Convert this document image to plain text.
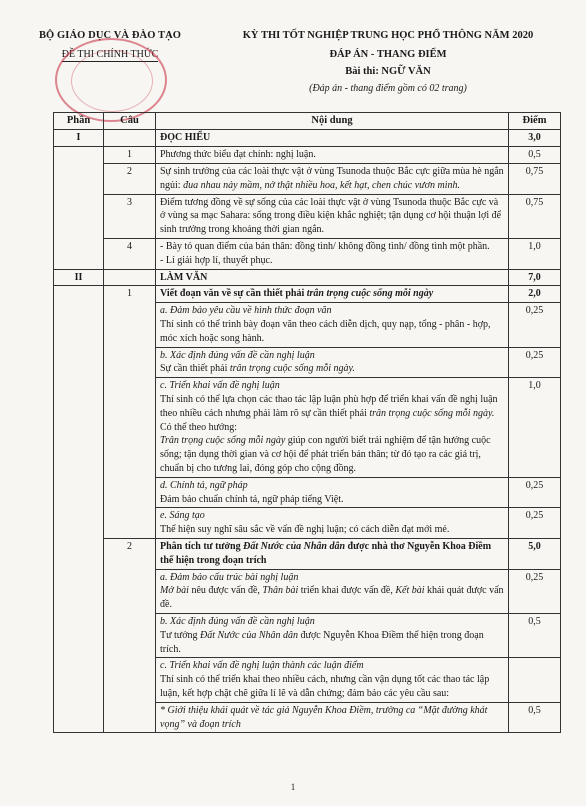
BỘ GIÁO DỤC VÀ ĐÀO TẠO
ĐỀ THI CHÍNH THỨC
KỲ THI TỐT NGHIỆP TRUNG HỌC PHỔ THÔNG NĂM 2020
ĐÁP ÁN - THANG ĐIỂM
Bài thi: NGỮ VĂN
(Đáp án - thang điểm gồm có 02 trang)
Phần	Câu	Nội dung	Điểm
I		ĐỌC HIỂU	3,0
	1	Phương thức biểu đạt chính: nghị luận.	0,5
	2	Sự sinh trưởng của các loài thực vật ở vùng Tsunoda thuộc Bắc cực giữa mùa hè ngắn ngủi: đua nhau nảy mầm, nở thật nhiều hoa, kết hạt, chen chúc vươn mình.	0,75
	3	Điểm tương đồng về sự sống của các loài thực vật ở vùng Tsunoda thuộc Bắc cực và ở vùng sa mạc Sahara: sống trong điều kiện khắc nghiệt; tận dụng cơ hội thuận lợi để sinh trưởng trong khoảng thời gian ngắn.	0,75
	4	- Bày tỏ quan điểm của bản thân: đồng tình/ không đồng tình/ đồng tình một phần.
- Lí giải hợp lí, thuyết phục.	1,0
II		LÀM VĂN	7,0
	1	Viết đoạn văn về sự cần thiết phải trân trọng cuộc sống mỗi ngày	2,0

		a. Đảm bảo yêu cầu về hình thức đoạn văn
Thí sinh có thể trình bày đoạn văn theo cách diễn dịch, quy nạp, tổng - phân - hợp, móc xích hoặc song hành.	0,25

		b. Xác định đúng vấn đề cần nghị luận
Sự cần thiết phải trân trọng cuộc sống mỗi ngày.	0,25

		c. Triển khai vấn đề nghị luận
Thí sinh có thể lựa chọn các thao tác lập luận phù hợp để triển khai vấn đề nghị luận theo nhiều cách nhưng phải làm rõ sự cần thiết phải trân trọng cuộc sống mỗi ngày.
Có thể theo hướng:
Trân trọng cuộc sống mỗi ngày giúp con người biết trải nghiệm để tận hưởng cuộc sống; tận dụng thời gian và cơ hội để phát triển bản thân; từ đó tạo ra các giá trị, chuẩn bị cho tương lai, đóng góp cho cộng đồng.	1,0

		d. Chính tả, ngữ pháp
Đảm bảo chuẩn chính tả, ngữ pháp tiếng Việt.	0,25

		e. Sáng tạo
Thể hiện suy nghĩ sâu sắc về vấn đề nghị luận; có cách diễn đạt mới mẻ.	0,25
	2	Phân tích tư tưởng Đất Nước của Nhân dân được nhà thơ Nguyễn Khoa Điềm thể hiện trong đoạn trích	5,0

		a. Đảm bảo cấu trúc bài nghị luận
Mở bài nêu được vấn đề, Thân bài triển khai được vấn đề, Kết bài khái quát được vấn đề.	0,25

		b. Xác định đúng vấn đề cần nghị luận
Tư tưởng Đất Nước của Nhân dân được Nguyễn Khoa Điềm thể hiện trong đoạn trích.	0,5

		c. Triển khai vấn đề nghị luận thành các luận điểm
Thí sinh có thể triển khai theo nhiều cách, nhưng cần vận dụng tốt các thao tác lập luận, kết hợp chặt chẽ giữa lí lẽ và dẫn chứng; đảm bảo các yêu cầu sau:	

		* Giới thiệu khái quát về tác giả Nguyễn Khoa Điềm, trường ca “Mặt đường khát vọng” và đoạn trích	0,5
1
